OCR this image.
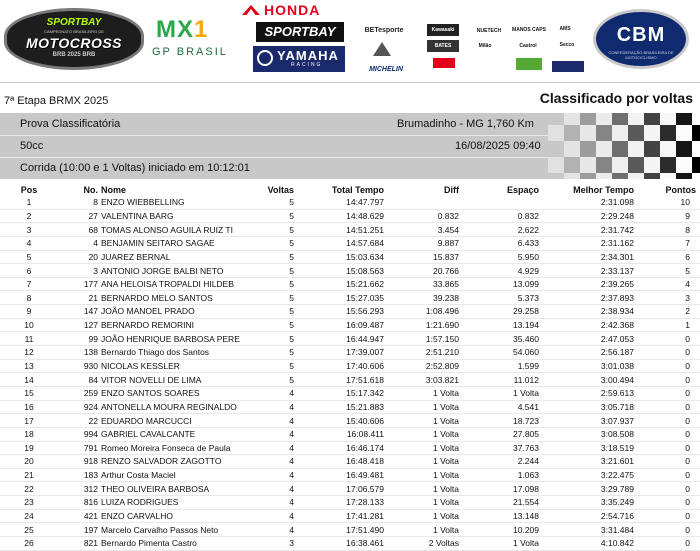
SPORTBAY
CAMPEONATO BRASILEIRO DE
MOTOCROSS
BRB 2025 BRB
MX1
GP BRASIL
HONDA
SPORTBAY
YAMAHA
RACING
BETesporte
MICHELIN
Kawasaki	NUETECH	MANOS CAPS	AMS
BATES	Milão	Castrol	Secco	CBM
CONFEDERAÇÃO BRASILEIRA DE MOTOCICLISMO
7ª Etapa BRMX 2025	Classificado por voltas
Prova Classificatória	Brumadinho - MG 1,760 Km
50cc	16/08/2025 09:40
Corrida (10:00 e 1 Voltas) iniciado em 10:12:01
Pos	No.	Nome	Voltas	Total Tempo	Diff	Espaço	Melhor Tempo	Pontos
1	8	ENZO WIEBBELLING	5	14:47.797			2:31.098	10
2	27	VALENTINA BARG	5	14:48.629	0.832	0.832	2:29.248	9
3	68	TOMAS ALONSO AGUILA RUIZ TI	5	14:51.251	3.454	2.622	2:31.742	8
4	4	BENJAMIN SEITARO SAGAE	5	14:57.684	9.887	6.433	2:31.162	7
5	20	JUAREZ BERNAL	5	15:03.634	15.837	5.950	2:34.301	6
6	3	ANTONIO JORGE BALBI NETO	5	15:08.563	20.766	4.929	2:33.137	5
7	177	ANA HELOISA TROPALDI HILDEB	5	15:21.662	33.865	13.099	2:39.265	4
8	21	BERNARDO MELO SANTOS	5	15:27.035	39.238	5.373	2:37.893	3
9	147	JOÃO MANOEL PRADO	5	15:56.293	1:08.496	29.258	2:38.934	2
10	127	BERNARDO REMORINI	5	16:09.487	1:21.690	13.194	2:42.368	1
11	99	JOÃO HENRIQUE BARBOSA PERE	5	16:44.947	1:57.150	35.460	2:47.053	0
12	138	Bernardo Thiago dos Santos	5	17:39.007	2:51.210	54.060	2:56.187	0
13	930	NICOLAS KESSLER	5	17:40.606	2:52.809	1.599	3:01.038	0
14	84	VITOR NOVELLI DE LIMA	5	17:51.618	3:03.821	11.012	3:00.494	0
15	259	ENZO SANTOS SOARES	4	15:17.342	1 Volta	1 Volta	2:59.613	0
16	924	ANTONELLA MOURA REGINALDO	4	15:21.883	1 Volta	4.541	3:05.718	0
17	22	EDUARDO MARCUCCI	4	15:40.606	1 Volta	18.723	3:07.937	0
18	994	GABRIEL CAVALCANTE	4	16:08.411	1 Volta	27.805	3:08.508	0
19	791	Romeo Moreira Fonseca de Paula	4	16:46.174	1 Volta	37.763	3:18.519	0
20	918	RENZO SALVADOR ZAGOTTO	4	16:48.418	1 Volta	2.244	3:21.601	0
21	183	Arthur Costa Maciel	4	16:49.481	1 Volta	1.063	3:22.475	0
22	312	THEO OLIVEIRA BARBOSA	4	17:06.579	1 Volta	17.098	3:29.789	0
23	816	LUIZA RODRIGUES	4	17:28.133	1 Volta	21.554	3:35.249	0
24	421	ENZO CARVALHO	4	17:41.281	1 Volta	13.148	2:54.716	0
25	197	Marcelo Carvalho Passos Neto	4	17:51.490	1 Volta	10.209	3:31.484	0
26	821	Bernardo Pimenta Castro	3	16:38.461	2 Voltas	1 Volta	4:10.842	0
